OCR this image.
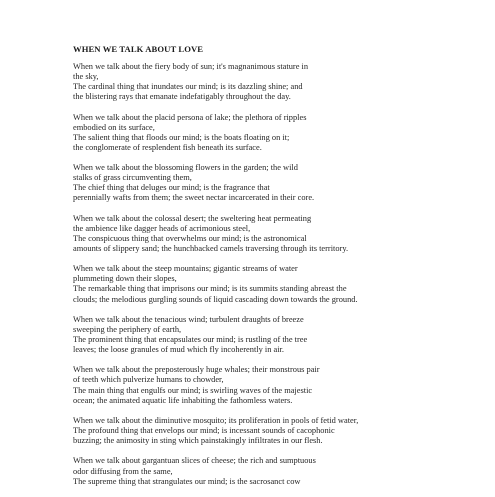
WHEN WE TALK ABOUT LOVE
When we talk about the fiery body of sun; it's magnanimous stature in
the sky,
The cardinal thing that inundates our mind; is its dazzling shine; and
the blistering rays that emanate indefatigably throughout the day.
When we talk about the placid persona of lake; the plethora of ripples
embodied on its surface,
The salient thing that floods our mind; is the boats floating on it;
the conglomerate of resplendent fish beneath its surface.
When we talk about the blossoming flowers in the garden; the wild
stalks of grass circumventing them,
The chief thing that deluges our mind; is the fragrance that
perennially wafts from them; the sweet nectar incarcerated in their core.
When we talk about the colossal desert; the sweltering heat permeating
the ambience like dagger heads of acrimonious steel,
The conspicuous thing that overwhelms our mind; is the astronomical
amounts of slippery sand; the hunchbacked camels traversing through its territory.
When we talk about the steep mountains; gigantic streams of water
plummeting down their slopes,
The remarkable thing that imprisons our mind; is its summits standing abreast the
clouds; the melodious gurgling sounds of liquid cascading down towards the ground.
When we talk about the tenacious wind; turbulent draughts of breeze
sweeping the periphery of earth,
The prominent thing that encapsulates our mind; is rustling of the tree
leaves; the loose granules of mud which fly incoherently in air.
When we talk about the preposterously huge whales; their monstrous pair
of teeth which pulverize humans to chowder,
The main thing that engulfs our mind; is swirling waves of the majestic
ocean; the animated aquatic life inhabiting the fathomless waters.
When we talk about the diminutive mosquito; its proliferation in pools of fetid water,
The profound thing that envelops our mind; is incessant sounds of cacophonic
buzzing; the animosity in sting which painstakingly infiltrates in our flesh.
When we talk about gargantuan slices of cheese; the rich and sumptuous
odor diffusing from the same,
The supreme thing that strangulates our mind; is the sacrosanct cow
